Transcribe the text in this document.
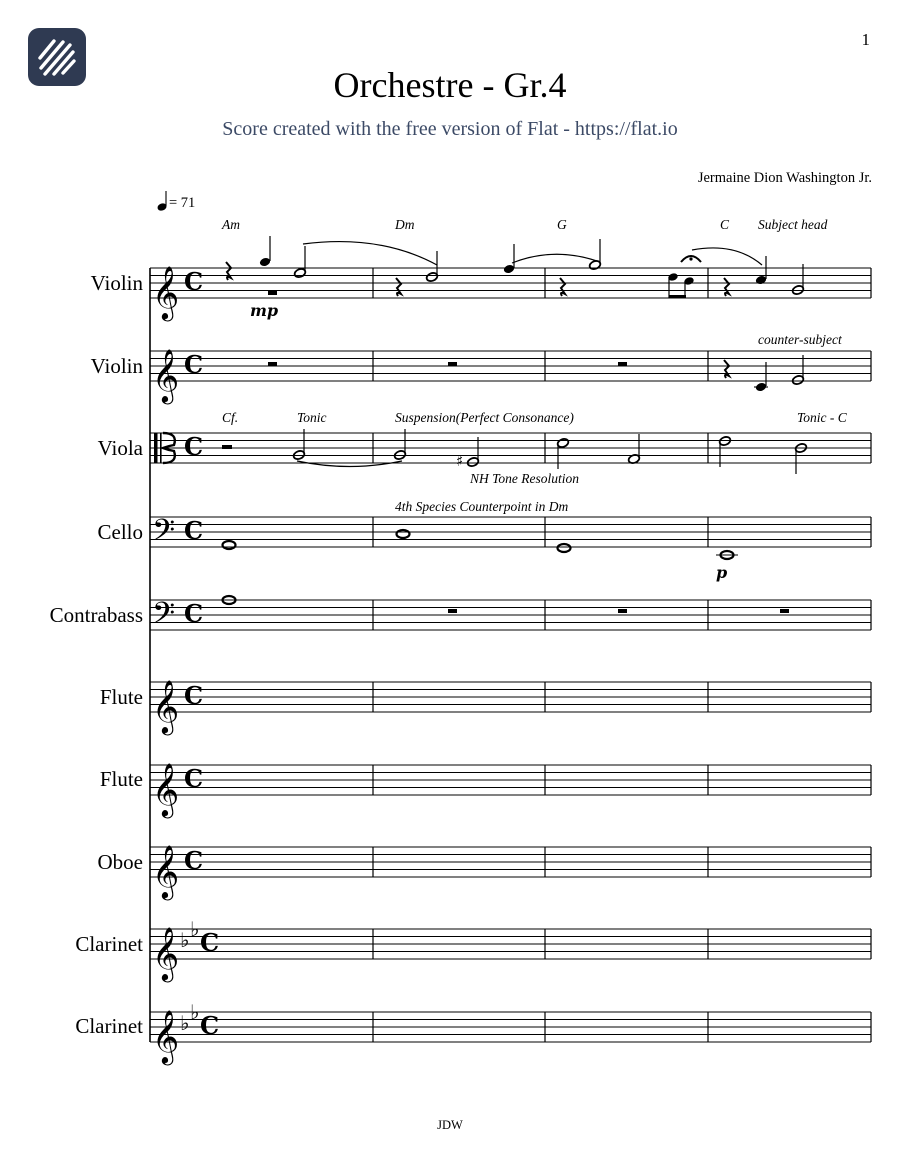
1
Orchestre - Gr.4
Score created with the free version of Flat - https://flat.io
Jermaine Dion Washington Jr.
= 71
Am	Dm	G	C Subject head
counter-subject
Cf.	Tonic	Suspension(Perfect Consonance)	Tonic - C
NH Tone Resolution
4th Species Counterpoint in Dm
mp
p
Violin
Violin
Viola
Cello
Contrabass
Flute
Flute
Oboe
Clarinet
Clarinet
𝄞 C
𝄞 C
C
𝄢 C
𝄢 C
𝄞 C
𝄞 C
𝄞 C
𝄞 ♭ ♭ C
𝄞 ♭ ♭ C
♯
JDW
